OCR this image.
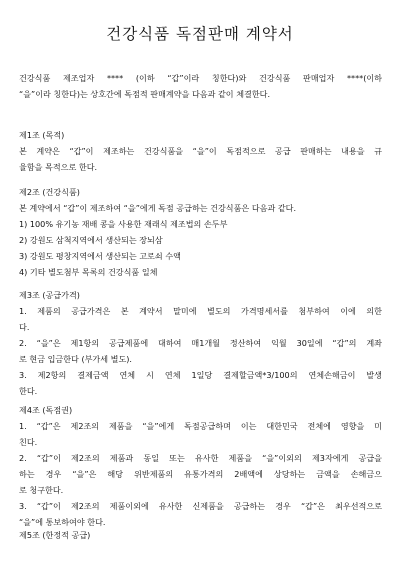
건강식품 독점판매 계약서

건강식품 제조업자 **** (이하 “갑”이라 칭한다)와 건강식품 판매업자 ****(이하
“을”이라 칭한다)는 상호간에 독점적 판매계약을 다음과 같이 체결한다.

제1조 (목적)
본 계약은 “갑”이 제조하는 건강식품을 “을”이 독점적으로 공급 판매하는 내용을 규
율함을 목적으로 한다.

제2조 (건강식품)
본 계약에서 “갑”이 제조하여 “을”에게 독점 공급하는 건강식품은 다음과 같다.
1) 100% 유기농 재배 콩을 사용한 재래식 제조법의 손두부
2) 강원도 삼척지역에서 생산되는 장뇌삼
3) 강원도 평창지역에서 생산되는 고로쇠 수액
4) 기타 별도첨부 목록의 건강식품 일체

제3조 (공급가격)
1. 제품의 공급가격은 본 계약서 말미에 별도의 가격명세서를 첨부하여 이에 의한
다.
2. “을”은 제1항의 공급제품에 대하여 매1개월 정산하여 익월 30일에 “갑”의 계좌
로 현금 입금한다 (부가세 별도).
3. 제2항의 결제금액 연체 시 연체 1일당 결제할금액*3/100의 연체손해금이 발생
한다.

제4조 (독점권)
1. “갑”은 제2조의 제품을 “을”에게 독점공급하며 이는 대한민국 전체에 영향을 미
친다.
2. “갑”이 제2조의 제품과 동일 또는 유사한 제품을 “을”이외의 제3자에게 공급을
하는 경우 “을”은 해당 위반제품의 유통가격의 2배액에 상당하는 금액을 손해금으
로 청구한다.
3. “갑”이 제2조의 제품이외에 유사한 신제품을 공급하는 경우 “갑”은 최우선적으로
“을”에 통보하여야 한다.

제5조 (한정적 공급)
